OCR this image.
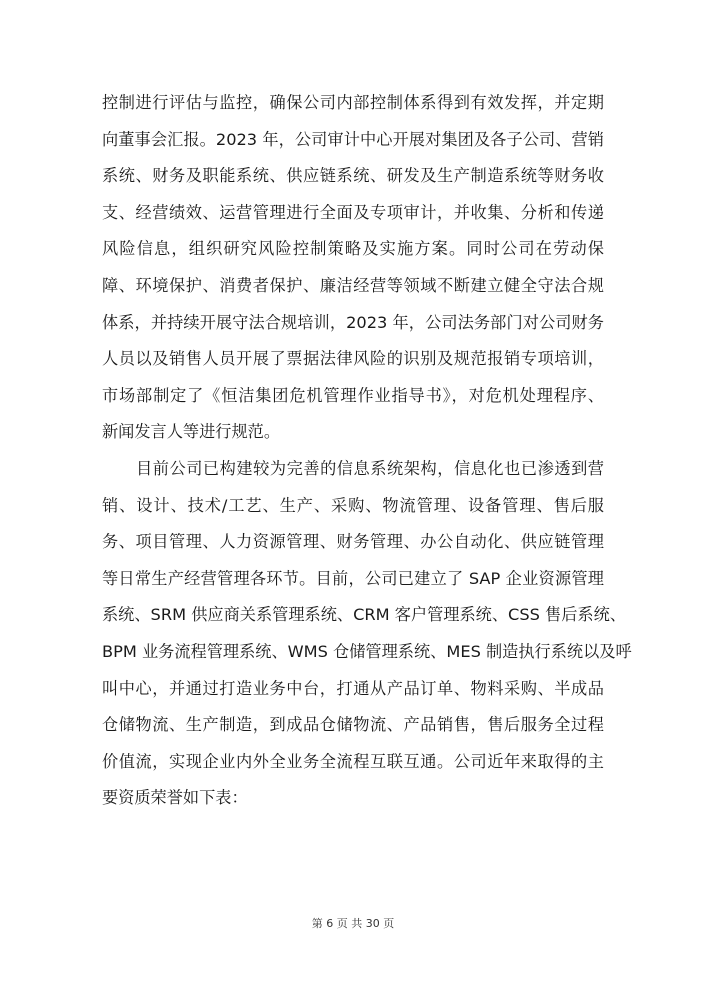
控制进行评估与监控，确保公司内部控制体系得到有效发挥，并定期
向董事会汇报。2023 年，公司审计中心开展对集团及各子公司、营销
系统、财务及职能系统、供应链系统、研发及生产制造系统等财务收
支、经营绩效、运营管理进行全面及专项审计，并收集、分析和传递
风险信息，组织研究风险控制策略及实施方案。同时公司在劳动保
障、环境保护、消费者保护、廉洁经营等领域不断建立健全守法合规
体系，并持续开展守法合规培训，2023 年，公司法务部门对公司财务
人员以及销售人员开展了票据法律风险的识别及规范报销专项培训，
市场部制定了《恒洁集团危机管理作业指导书》，对危机处理程序、
新闻发言人等进行规范。
目前公司已构建较为完善的信息系统架构，信息化也已渗透到营
销、设计、技术/工艺、生产、采购、物流管理、设备管理、售后服
务、项目管理、人力资源管理、财务管理、办公自动化、供应链管理
等日常生产经营管理各环节。目前，公司已建立了 SAP 企业资源管理
系统、SRM 供应商关系管理系统、CRM 客户管理系统、CSS 售后系统、
BPM 业务流程管理系统、WMS 仓储管理系统、MES 制造执行系统以及呼
叫中心，并通过打造业务中台，打通从产品订单、物料采购、半成品
仓储物流、生产制造，到成品仓储物流、产品销售，售后服务全过程
价值流，实现企业内外全业务全流程互联互通。公司近年来取得的主
要资质荣誉如下表：
第 6 页 共 30 页
